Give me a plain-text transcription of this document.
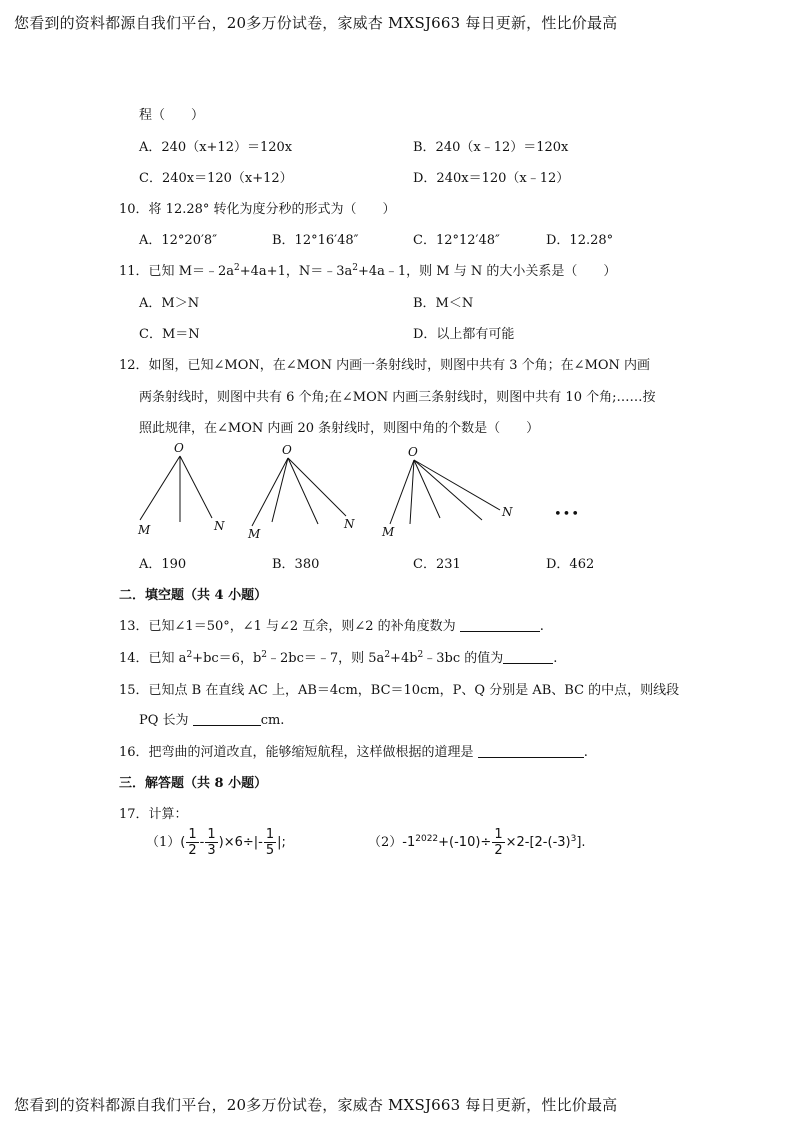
您看到的资料都源自我们平台，20多万份试卷，家威杏 MXSJ663 每日更新，性比价最高
程（　　）
A．240（x+12）＝120x	B．240（x﹣12）＝120x
C．240x＝120（x+12）	D．240x＝120（x﹣12）
10．将 12.28° 转化为度分秒的形式为（　　）
A．12°20′8″	B．12°16′48″	C．12°12′48″	D．12.28°
11．已知 $M=﹣2a^2+4a+1$，$N=﹣3a^2+4a﹣1$，则 M 与 N 的大小关系是（　　）
A．M＞N	B．M＜N
C．M＝N	D．以上都有可能
12．如图，已知∠MON，在∠MON 内画一条射线时，则图中共有 3 个角；在∠MON 内画
两条射线时，则图中共有 6 个角;在∠MON 内画三条射线时，则图中共有 10 个角;……按
照此规律，在∠MON 内画 20 条射线时，则图中角的个数是（　　）
O
M	N
O
M
N
O
M
N	•••
A．190	B．380	C．231	D．462
二．填空题（共 4 小题）
13．已知∠1＝50°，∠1 与∠2 互余，则∠2 的补角度数为	.
14．已知 $a^2+bc=6$，$b^2﹣2bc=﹣7$，则 $5a^2+4b^2﹣3bc$ 的值为	.
15．已知点 B 在直线 AC 上，AB＝4cm，BC＝10cm，P、Q 分别是 AB、BC 的中点，则线段
PQ 长为	cm.
16．把弯曲的河道改直，能够缩短航程，这样做根据的道理是	.
三．解答题（共 8 小题）
17．计算：
$(1)( \frac{1}{2} - \frac{1}{3} )\times 6\div|- \frac{1}{5}$ |;	$(2)-1^{2022}+(-10)\div \frac{1}{2} \times 2-[2-(-3)^3]$.
您看到的资料都源自我们平台，20多万份试卷，家威杏 MXSJ663 每日更新，性比价最高
